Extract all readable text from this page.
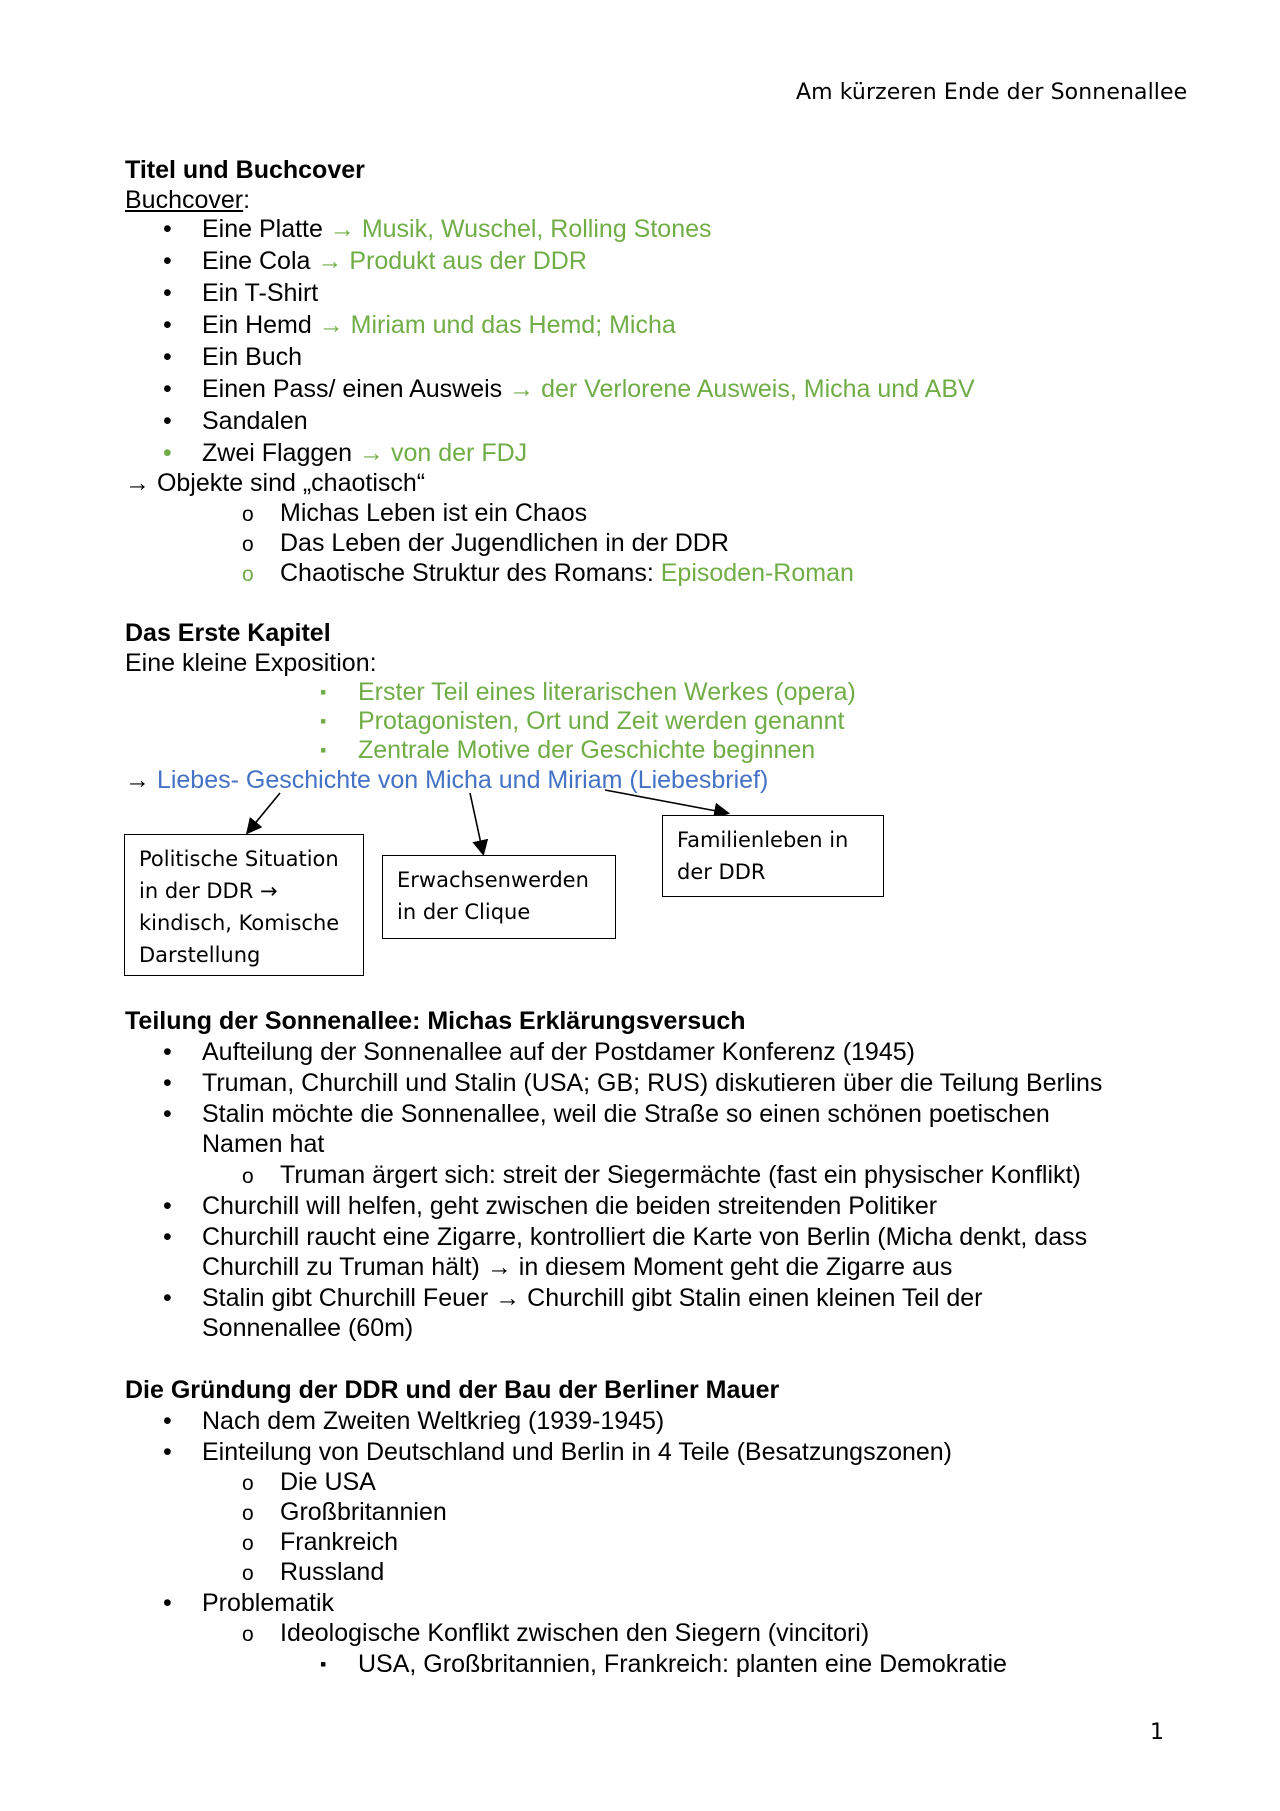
Am kürzeren Ende der Sonnenallee
Titel und Buchcover
Buchcover:
• Eine Platte → Musik, Wuschel, Rolling Stones
• Eine Cola → Produkt aus der DDR
• Ein T-Shirt
• Ein Hemd → Miriam und das Hemd; Micha
• Ein Buch
• Einen Pass/ einen Ausweis → der Verlorene Ausweis, Micha und ABV
• Sandalen
• Zwei Flaggen → von der FDJ
→ Objekte sind „chaotisch“
o Michas Leben ist ein Chaos
o Das Leben der Jugendlichen in der DDR
o Chaotische Struktur des Romans: Episoden-Roman
Das Erste Kapitel
Eine kleine Exposition:
▪ Erster Teil eines literarischen Werkes (opera)
▪ Protagonisten, Ort und Zeit werden genannt
▪ Zentrale Motive der Geschichte beginnen
→ Liebes- Geschichte von Micha und Miriam (Liebesbrief)
Politische Situation
in der DDR →
kindisch, Komische
Darstellung
Erwachsenwerden
in der Clique
Familienleben in
der DDR
Teilung der Sonnenallee: Michas Erklärungsversuch
• Aufteilung der Sonnenallee auf der Postdamer Konferenz (1945)
• Truman, Churchill und Stalin (USA; GB; RUS) diskutieren über die Teilung Berlins
• Stalin möchte die Sonnenallee, weil die Straße so einen schönen poetischen
Namen hat
o Truman ärgert sich: streit der Siegermächte (fast ein physischer Konflikt)
• Churchill will helfen, geht zwischen die beiden streitenden Politiker
• Churchill raucht eine Zigarre, kontrolliert die Karte von Berlin (Micha denkt, dass
Churchill zu Truman hält) → in diesem Moment geht die Zigarre aus
• Stalin gibt Churchill Feuer → Churchill gibt Stalin einen kleinen Teil der
Sonnenallee (60m)
Die Gründung der DDR und der Bau der Berliner Mauer
• Nach dem Zweiten Weltkrieg (1939-1945)
• Einteilung von Deutschland und Berlin in 4 Teile (Besatzungszonen)
o Die USA
o Großbritannien
o Frankreich
o Russland
• Problematik
o Ideologische Konflikt zwischen den Siegern (vincitori)
▪ USA, Großbritannien, Frankreich: planten eine Demokratie
1
